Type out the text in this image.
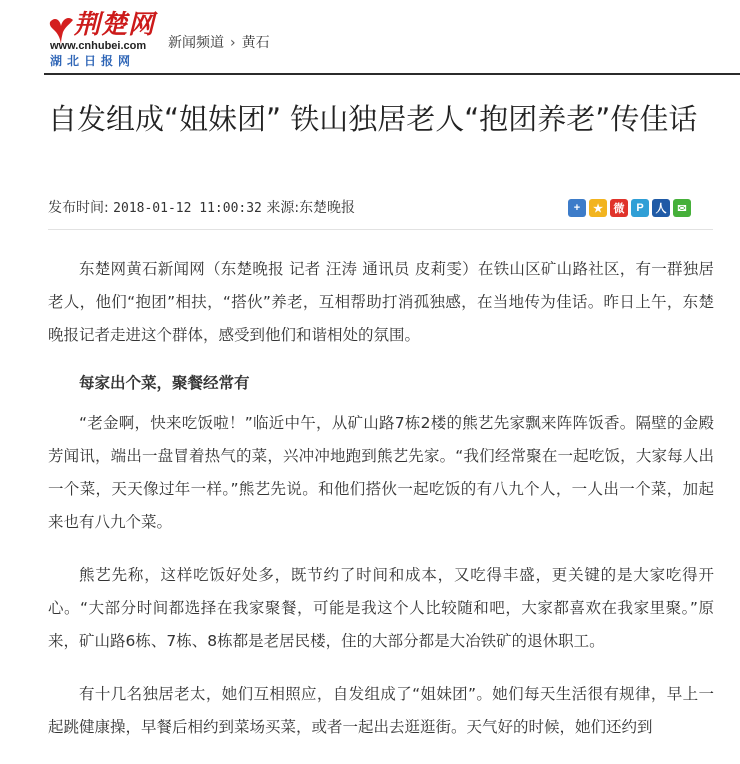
荆楚网
www.cnhubei.com
湖北日报网
新闻频道 › 黄石
自发组成“姐妹团” 铁山独居老人“抱团养老”传佳话
发布时间: 2018-01-12 11:00:32 来源:东楚晚报	+	★ 微	P	人 ✉

东楚网黄石新闻网（东楚晚报 记者 汪涛 通讯员 皮莉雯）在铁山区矿山路社区，有一群独居老人，他们“抱团”相扶，“搭伙”养老，互相帮助打消孤独感，在当地传为佳话。昨日上午，东楚晚报记者走进这个群体，感受到他们和谐相处的氛围。

每家出个菜，聚餐经常有

“老金啊，快来吃饭啦！”临近中午，从矿山路7栋2楼的熊艺先家飘来阵阵饭香。隔壁的金殿芳闻讯，端出一盘冒着热气的菜，兴冲冲地跑到熊艺先家。“我们经常聚在一起吃饭，大家每人出一个菜，天天像过年一样。”熊艺先说。和他们搭伙一起吃饭的有八九个人，一人出一个菜，加起来也有八九个菜。

熊艺先称，这样吃饭好处多，既节约了时间和成本，又吃得丰盛，更关键的是大家吃得开心。“大部分时间都选择在我家聚餐，可能是我这个人比较随和吧，大家都喜欢在我家里聚。”原来，矿山路6栋、7栋、8栋都是老居民楼，住的大部分都是大冶铁矿的退休职工。

有十几名独居老太，她们互相照应，自发组成了“姐妹团”。她们每天生活很有规律，早上一起跳健康操，早餐后相约到菜场买菜，或者一起出去逛逛街。天气好的时候，她们还约到
